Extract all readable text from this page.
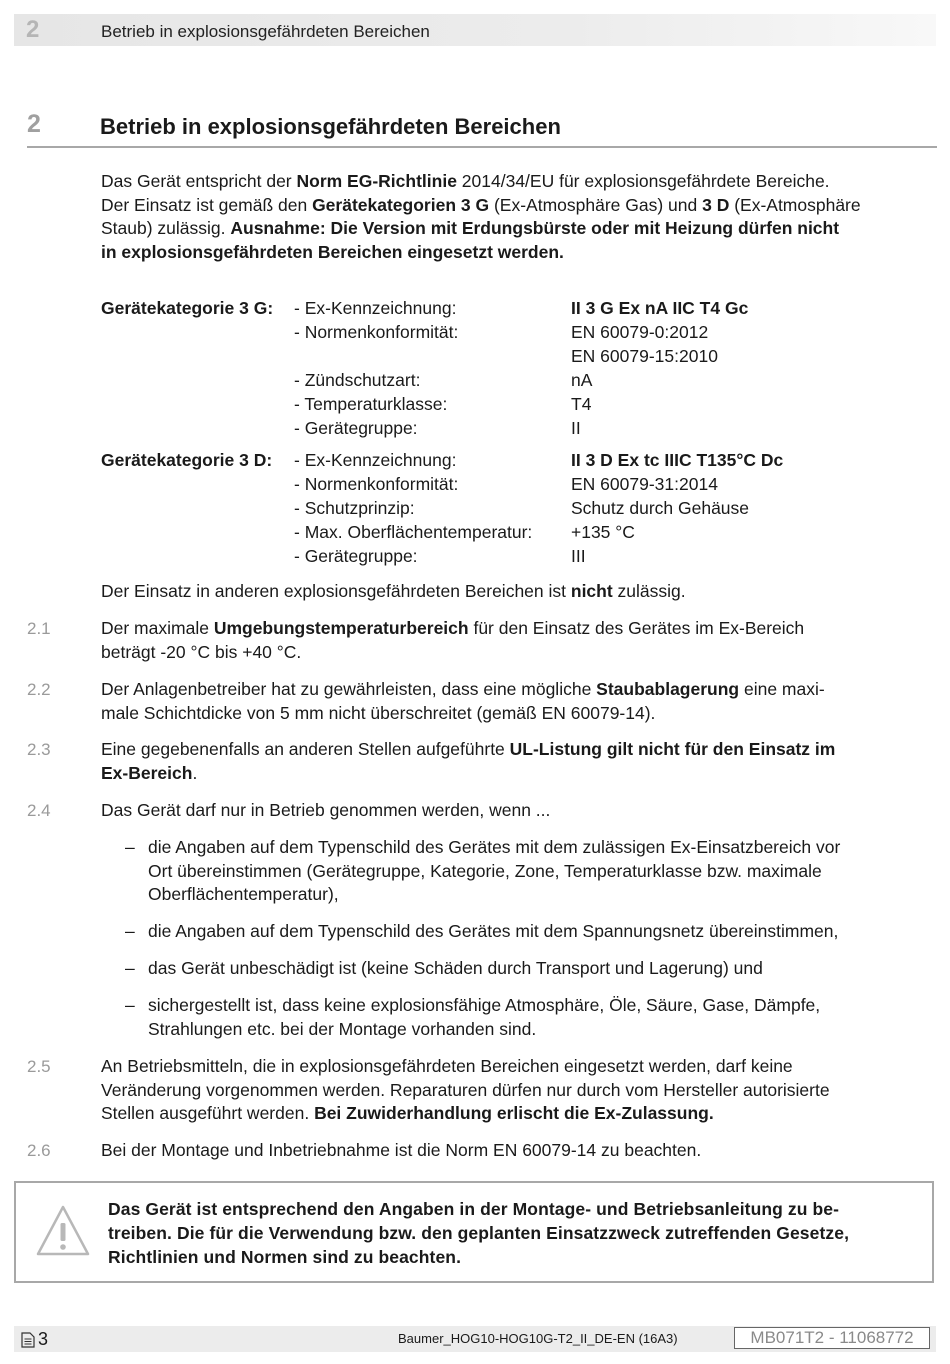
2	Betrieb in explosionsgefährdeten Bereichen
2	Betrieb in explosionsgefährdeten Bereichen
Das Gerät entspricht der Norm EG-Richtlinie 2014/34/EU für explosionsgefährdete Bereiche.
Der Einsatz ist gemäß den Gerätekategorien 3 G (Ex-Atmosphäre Gas) und 3 D (Ex-Atmosphäre
Staub) zulässig. Ausnahme: Die Version mit Erdungsbürste oder mit Heizung dürfen nicht
in explosionsgefährdeten Bereichen eingesetzt werden.
Gerätekategorie 3 G: - Ex-Kennzeichnung:	II 3 G Ex nA IIC T4 Gc
- Normenkonformität:	EN 60079-0:2012
EN 60079-15:2010
- Zündschutzart:	nA
- Temperaturklasse:	T4
- Gerätegruppe:	II
Gerätekategorie 3 D: - Ex-Kennzeichnung:	II 3 D Ex tc IIIC T135°C Dc
- Normenkonformität:	EN 60079-31:2014
- Schutzprinzip:	Schutz durch Gehäuse
- Max. Oberflächentemperatur: +135 °C
- Gerätegruppe:	III
Der Einsatz in anderen explosionsgefährdeten Bereichen ist nicht zulässig.
2.1	Der maximale Umgebungstemperaturbereich für den Einsatz des Gerätes im Ex-Bereich
beträgt -20 °C bis +40 °C.
2.2	Der Anlagenbetreiber hat zu gewährleisten, dass eine mögliche Staubablagerung eine maxi-
male Schichtdicke von 5 mm nicht überschreitet (gemäß EN 60079-14).
2.3	Eine gegebenenfalls an anderen Stellen aufgeführte UL-Listung gilt nicht für den Einsatz im
Ex-Bereich.
2.4	Das Gerät darf nur in Betrieb genommen werden, wenn ...
– die Angaben auf dem Typenschild des Gerätes mit dem zulässigen Ex-Einsatzbereich vor
Ort übereinstimmen (Gerätegruppe, Kategorie, Zone, Temperaturklasse bzw. maximale
Oberflächentemperatur),
– die Angaben auf dem Typenschild des Gerätes mit dem Spannungsnetz übereinstimmen,
– das Gerät unbeschädigt ist (keine Schäden durch Transport und Lagerung) und
– sichergestellt ist, dass keine explosionsfähige Atmosphäre, Öle, Säure, Gase, Dämpfe,
Strahlungen etc. bei der Montage vorhanden sind.
2.5	An Betriebsmitteln, die in explosionsgefährdeten Bereichen eingesetzt werden, darf keine
Veränderung vorgenommen werden. Reparaturen dürfen nur durch vom Hersteller autorisierte
Stellen ausgeführt werden. Bei Zuwiderhandlung erlischt die Ex-Zulassung.
2.6	Bei der Montage und Inbetriebnahme ist die Norm EN 60079-14 zu beachten.
Das Gerät ist entsprechend den Angaben in der Montage- und Betriebsanleitung zu be-
treiben. Die für die Verwendung bzw. den geplanten Einsatzzweck zutreffenden Gesetze,
Richtlinien und Normen sind zu beachten.
3	Baumer_HOG10-HOG10G-T2_II_DE-EN (16A3)	MB071T2 - 11068772
